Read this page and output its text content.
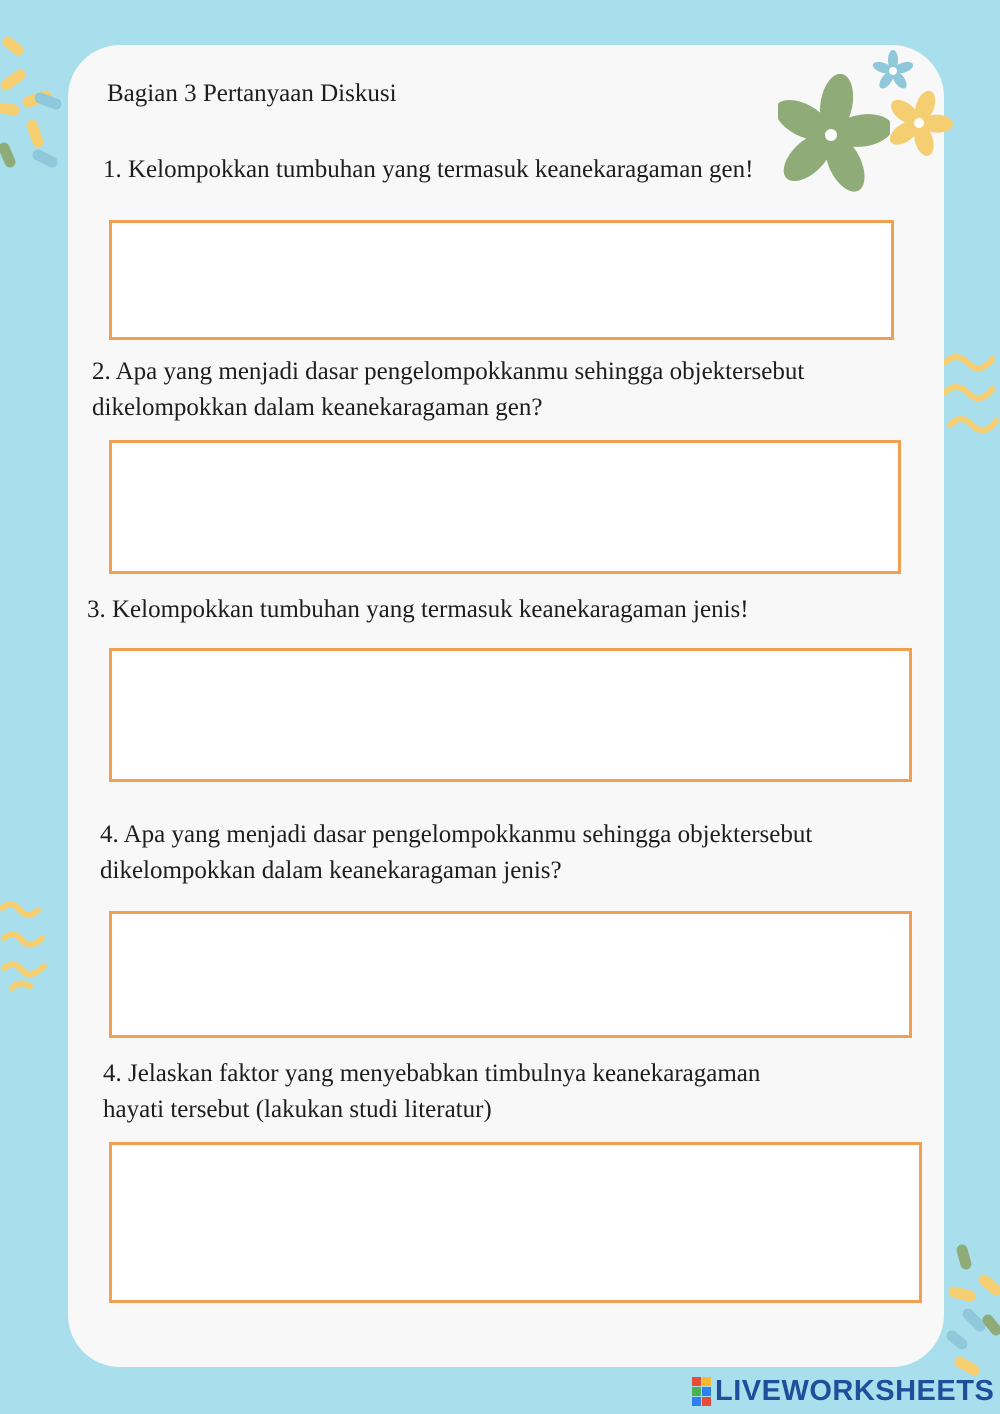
Bagian 3 Pertanyaan Diskusi
1. Kelompokkan tumbuhan yang termasuk keanekaragaman gen!
2. Apa yang menjadi dasar pengelompokkanmu sehingga objektersebut
dikelompokkan dalam keanekaragaman gen?
3. Kelompokkan tumbuhan yang termasuk keanekaragaman jenis!
4. Apa yang menjadi dasar pengelompokkanmu sehingga objektersebut
dikelompokkan dalam keanekaragaman jenis?
4. Jelaskan faktor yang menyebabkan timbulnya keanekaragaman
hayati tersebut (lakukan studi literatur)
LIVEWORKSHEETS
